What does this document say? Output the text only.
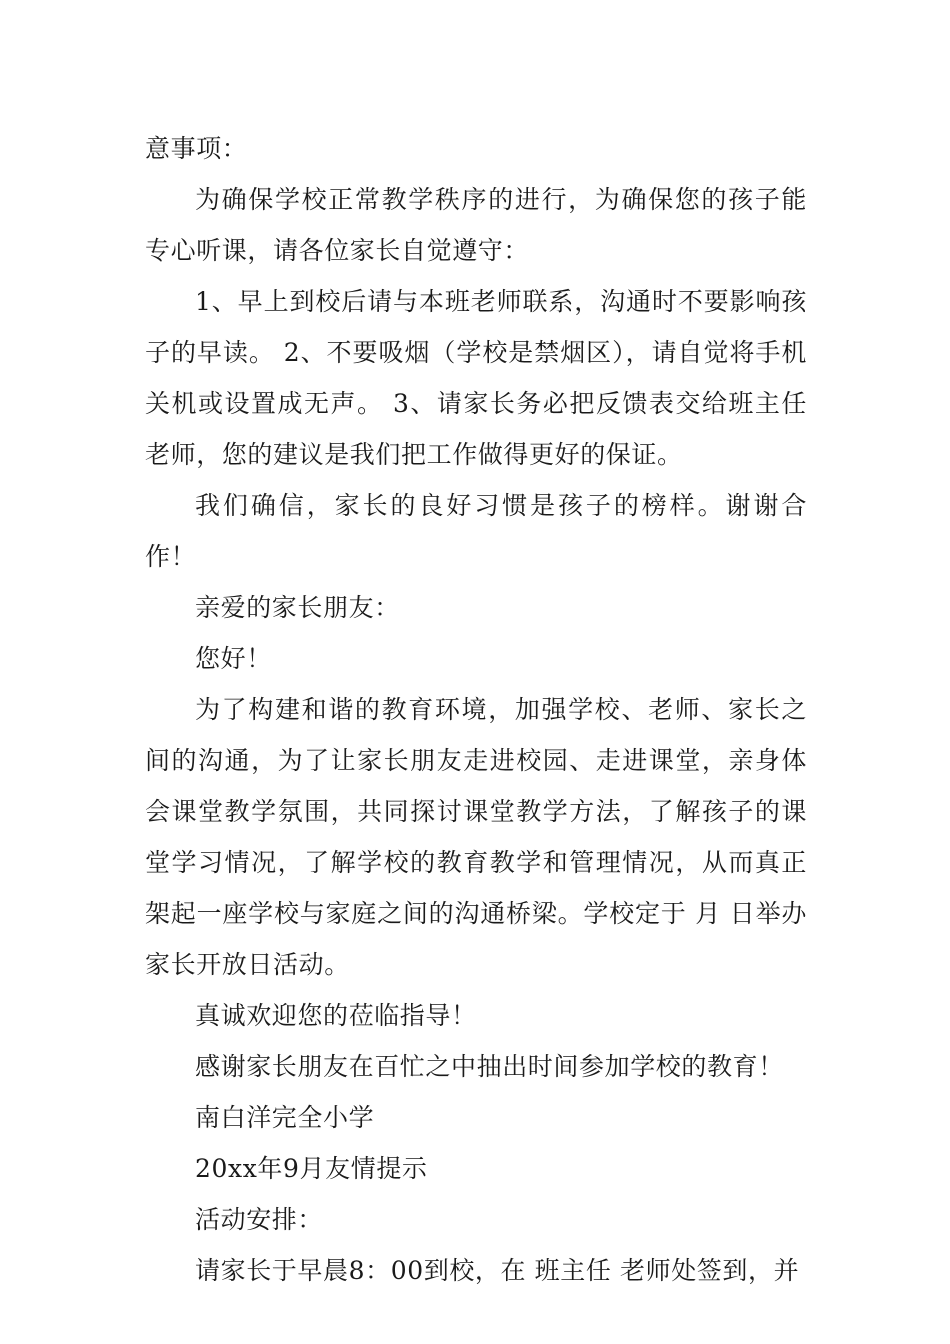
意事项：

为确保学校正常教学秩序的进行，为确保您的孩子能专心听课，请各位家长自觉遵守：

1、早上到校后请与本班老师联系，沟通时不要影响孩子的早读。 2、不要吸烟（学校是禁烟区），请自觉将手机关机或设置成无声。 3、请家长务必把反馈表交给班主任老师，您的建议是我们把工作做得更好的保证。

我们确信，家长的良好习惯是孩子的榜样。谢谢合作！

亲爱的家长朋友：

您好！

为了构建和谐的教育环境，加强学校、老师、家长之间的沟通，为了让家长朋友走进校园、走进课堂，亲身体会课堂教学氛围，共同探讨课堂教学方法，了解孩子的课堂学习情况，了解学校的教育教学和管理情况，从而真正架起一座学校与家庭之间的沟通桥梁。学校定于 月 日举办家长开放日活动。

真诚欢迎您的莅临指导！

感谢家长朋友在百忙之中抽出时间参加学校的教育！

南白洋完全小学

20xx年9月友情提示

活动安排：

请家长于早晨8：00到校，在 班主任 老师处签到，并
